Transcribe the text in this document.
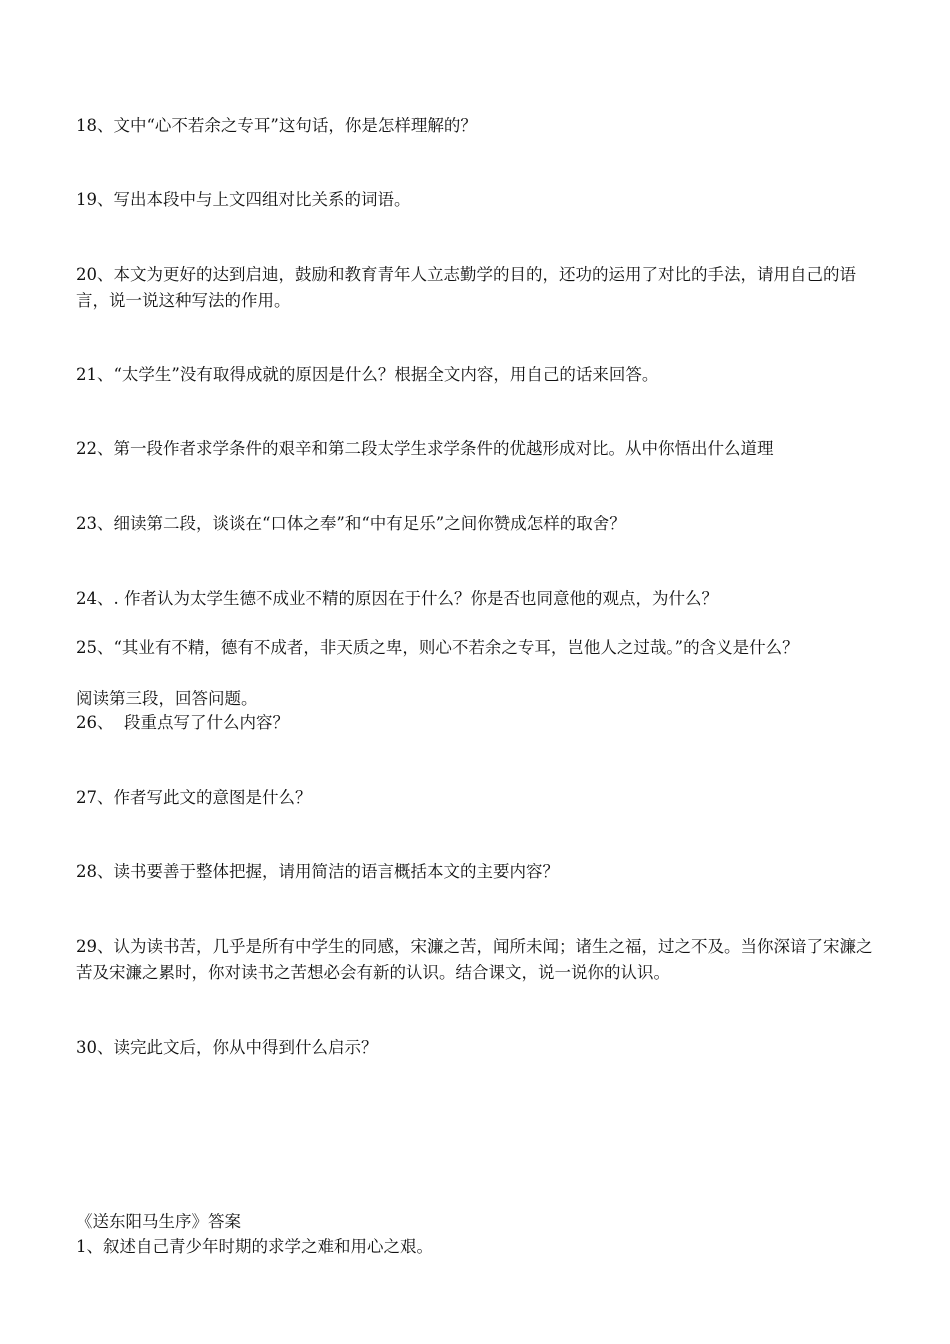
18、文中“心不若余之专耳”这句话，你是怎样理解的？
19、写出本段中与上文四组对比关系的词语。
20、本文为更好的达到启迪，鼓励和教育青年人立志勤学的目的，还功的运用了对比的手法，请用自己的语言，说一说这种写法的作用。
21、“太学生”没有取得成就的原因是什么？根据全文内容，用自己的话来回答。
22、第一段作者求学条件的艰辛和第二段太学生求学条件的优越形成对比。从中你悟出什么道理
23、细读第二段，谈谈在“口体之奉”和“中有足乐”之间你赞成怎样的取舍？
24、. 作者认为太学生德不成业不精的原因在于什么？你是否也同意他的观点，为什么？
25、“其业有不精，德有不成者，非天质之卑，则心不若余之专耳，岂他人之过哉。”的含义是什么？
阅读第三段，回答问题。
26、  段重点写了什么内容？
27、作者写此文的意图是什么？
28、读书要善于整体把握，请用简洁的语言概括本文的主要内容？
29、认为读书苦，几乎是所有中学生的同感，宋濂之苦，闻所未闻；诸生之福，过之不及。当你深谙了宋濂之苦及宋濂之累时，你对读书之苦想必会有新的认识。结合课文，说一说你的认识。
30、读完此文后，你从中得到什么启示？
《送东阳马生序》答案
1、叙述自己青少年时期的求学之难和用心之艰。
